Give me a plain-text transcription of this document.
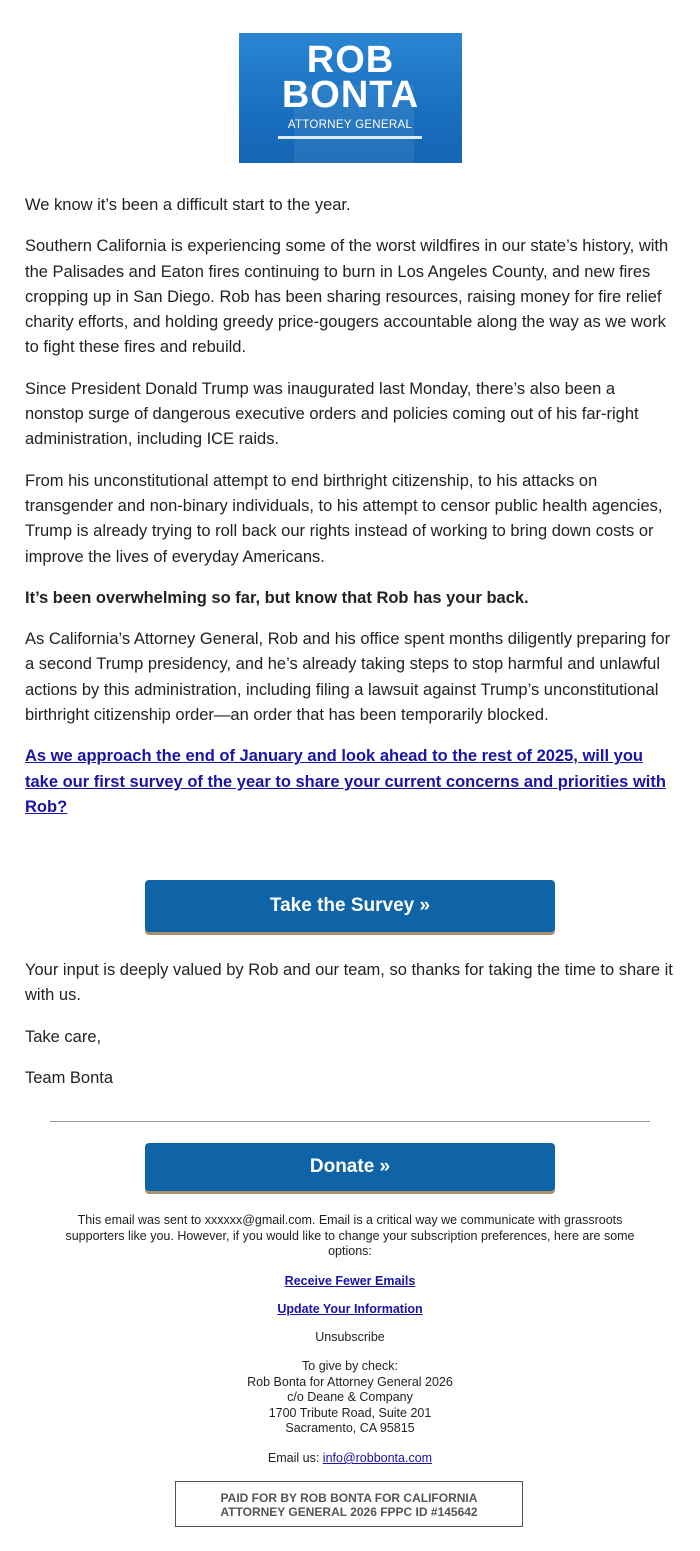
ROB
BONTA
ATTORNEY GENERAL

We know it’s been a difficult start to the year.

Southern California is experiencing some of the worst wildfires in our state’s history, with the Palisades and Eaton fires continuing to burn in Los Angeles County, and new fires cropping up in San Diego. Rob has been sharing resources, raising money for fire relief charity efforts, and holding greedy price-gougers accountable along the way as we work to fight these fires and rebuild.

Since President Donald Trump was inaugurated last Monday, there’s also been a nonstop surge of dangerous executive orders and policies coming out of his far-right administration, including ICE raids.

From his unconstitutional attempt to end birthright citizenship, to his attacks on transgender and non-binary individuals, to his attempt to censor public health agencies, Trump is already trying to roll back our rights instead of working to bring down costs or improve the lives of everyday Americans.

It’s been overwhelming so far, but know that Rob has your back.

As California’s Attorney General, Rob and his office spent months diligently preparing for a second Trump presidency, and he’s already taking steps to stop harmful and unlawful actions by this administration, including filing a lawsuit against Trump’s unconstitutional birthright citizenship order—an order that has been temporarily blocked.

As we approach the end of January and look ahead to the rest of 2025, will you take our first survey of the year to share your current concerns and priorities with Rob?

Take the Survey »

Your input is deeply valued by Rob and our team, so thanks for taking the time to share it with us.

Take care,

Team Bonta

Donate »

This email was sent to xxxxxx@gmail.com. Email is a critical way we communicate with grassroots supporters like you. However, if you would like to change your subscription preferences, here are some options:

Receive Fewer Emails
Update Your Information
Unsubscribe
To give by check:
Rob Bonta for Attorney General 2026
c/o Deane & Company
1700 Tribute Road, Suite 201
Sacramento, CA 95815
Email us: info@robbonta.com
PAID FOR BY ROB BONTA FOR CALIFORNIA
ATTORNEY GENERAL 2026 FPPC ID #145642
